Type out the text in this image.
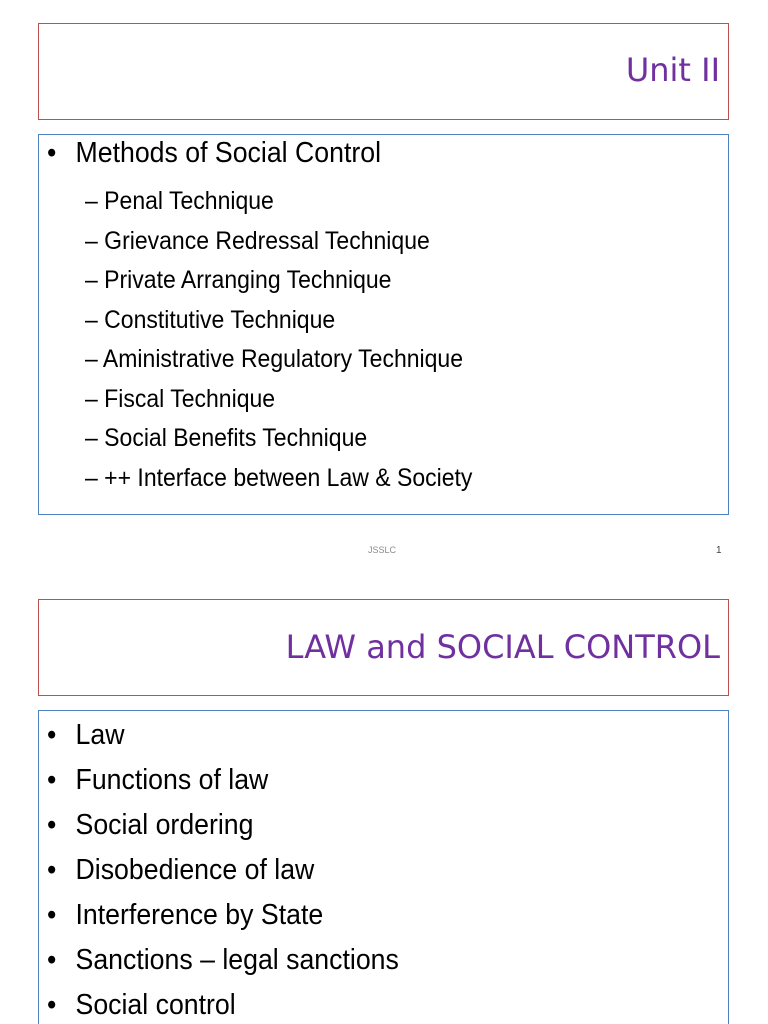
Unit II
• Methods of Social Control
– Penal Technique
– Grievance Redressal Technique
– Private Arranging Technique
– Constitutive Technique
– Aministrative Regulatory Technique
– Fiscal Technique
– Social Benefits Technique
– ++ Interface between Law & Society
JSSLC	1
LAW and SOCIAL CONTROL
• Law
• Functions of law
• Social ordering
• Disobedience of law
• Interference by State
• Sanctions – legal sanctions
• Social control
